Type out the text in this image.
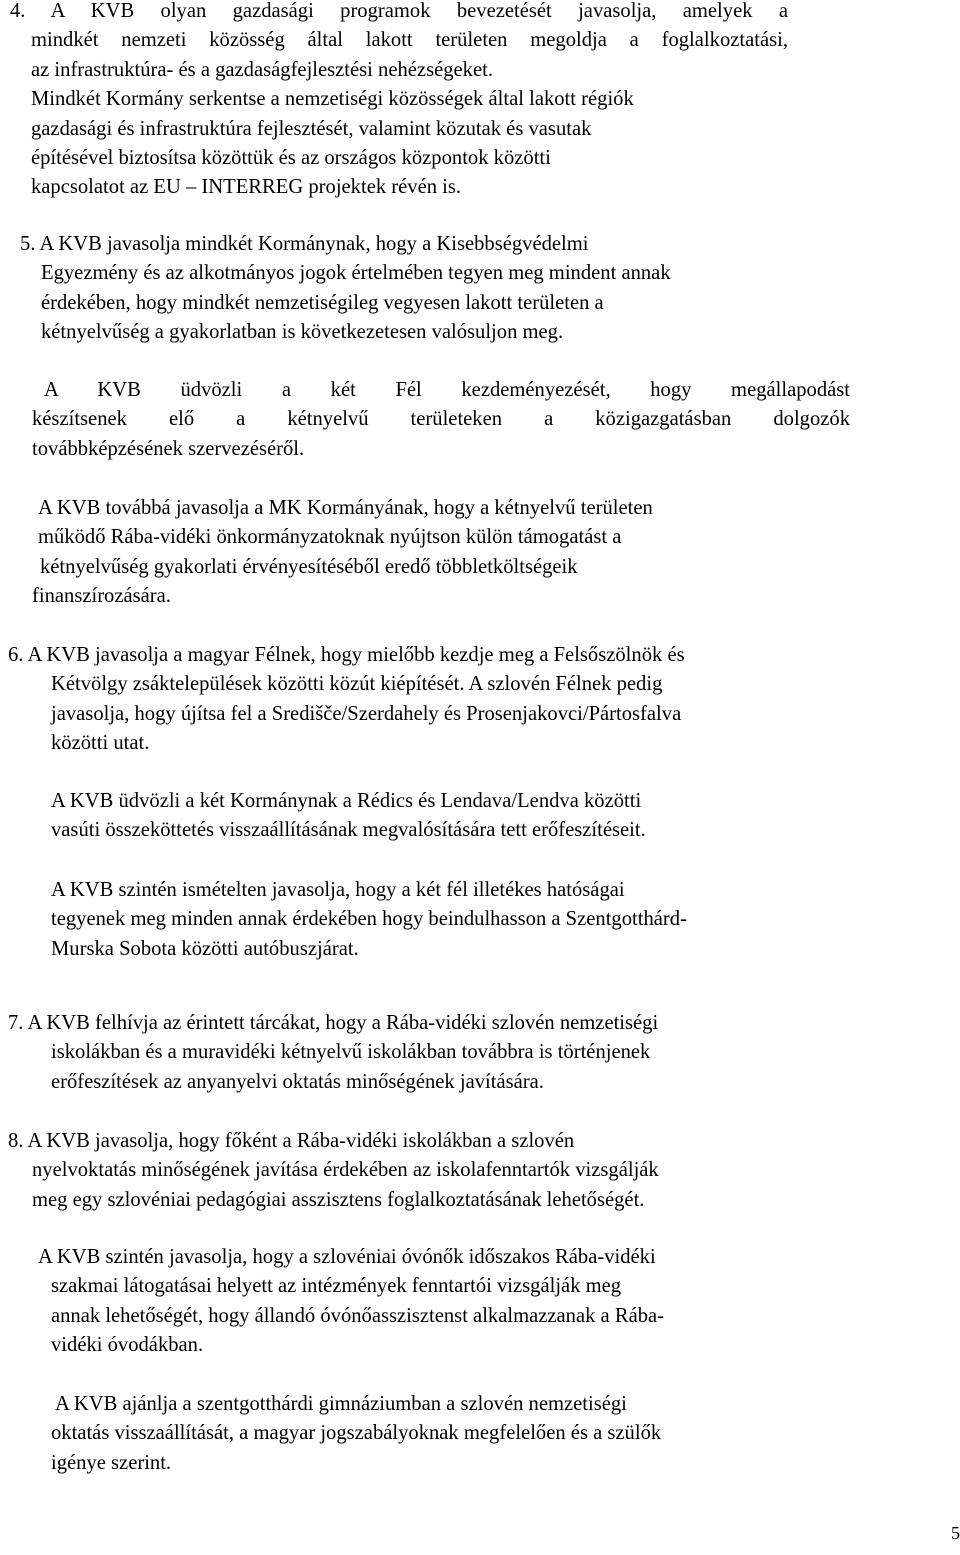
4. A KVB olyan gazdasági programok bevezetését javasolja, amelyek a
mindkét nemzeti közösség által lakott területen megoldja a foglalkoztatási,
az infrastruktúra- és a gazdaságfejlesztési nehézségeket.
Mindkét Kormány serkentse a nemzetiségi közösségek által lakott régiók
gazdasági és infrastruktúra fejlesztését, valamint közutak és vasutak
építésével biztosítsa közöttük és az országos központok közötti
kapcsolatot az EU – INTERREG projektek révén is.
5. A KVB javasolja mindkét Kormánynak, hogy a Kisebbségvédelmi
Egyezmény és az alkotmányos jogok értelmében tegyen meg mindent annak
érdekében, hogy mindkét nemzetiségileg vegyesen lakott területen a
kétnyelvűség a gyakorlatban is következetesen valósuljon meg.
A KVB üdvözli a két Fél kezdeményezését, hogy megállapodást
készítsenek elő a kétnyelvű területeken a közigazgatásban dolgozók
továbbképzésének szervezéséről.
A KVB továbbá javasolja a MK Kormányának, hogy a kétnyelvű területen
működő Rába-vidéki önkormányzatoknak nyújtson külön támogatást a
kétnyelvűség gyakorlati érvényesítéséből eredő többletköltségeik
finanszírozására.
6. A KVB javasolja a magyar Félnek, hogy mielőbb kezdje meg a Felsőszölnök és
Kétvölgy zsáktelepülések közötti közút kiépítését. A szlovén Félnek pedig
javasolja, hogy újítsa fel a Središče/Szerdahely és Prosenjakovci/Pártosfalva
közötti utat.
A KVB üdvözli a két Kormánynak a Rédics és Lendava/Lendva közötti
vasúti összeköttetés visszaállításának megvalósítására tett erőfeszítéseit.
A KVB szintén ismételten javasolja, hogy a két fél illetékes hatóságai
tegyenek meg minden annak érdekében hogy beindulhasson a Szentgotthárd-
Murska Sobota közötti autóbuszjárat.
7. A KVB felhívja az érintett tárcákat, hogy a Rába-vidéki szlovén nemzetiségi
iskolákban és a muravidéki kétnyelvű iskolákban továbbra is történjenek
erőfeszítések az anyanyelvi oktatás minőségének javítására.
8. A KVB javasolja, hogy főként a Rába-vidéki iskolákban a szlovén
nyelvoktatás minőségének javítása érdekében az iskolafenntartók vizsgálják
meg egy szlovéniai pedagógiai asszisztens foglalkoztatásának lehetőségét.
A KVB szintén javasolja, hogy a szlovéniai óvónők időszakos Rába-vidéki
szakmai látogatásai helyett az intézmények fenntartói vizsgálják meg
annak lehetőségét, hogy állandó óvónőasszisztenst alkalmazzanak a Rába-
vidéki óvodákban.
A KVB ajánlja a szentgotthárdi gimnáziumban a szlovén nemzetiségi
oktatás visszaállítását, a magyar jogszabályoknak megfelelően és a szülők
igénye szerint.
5
